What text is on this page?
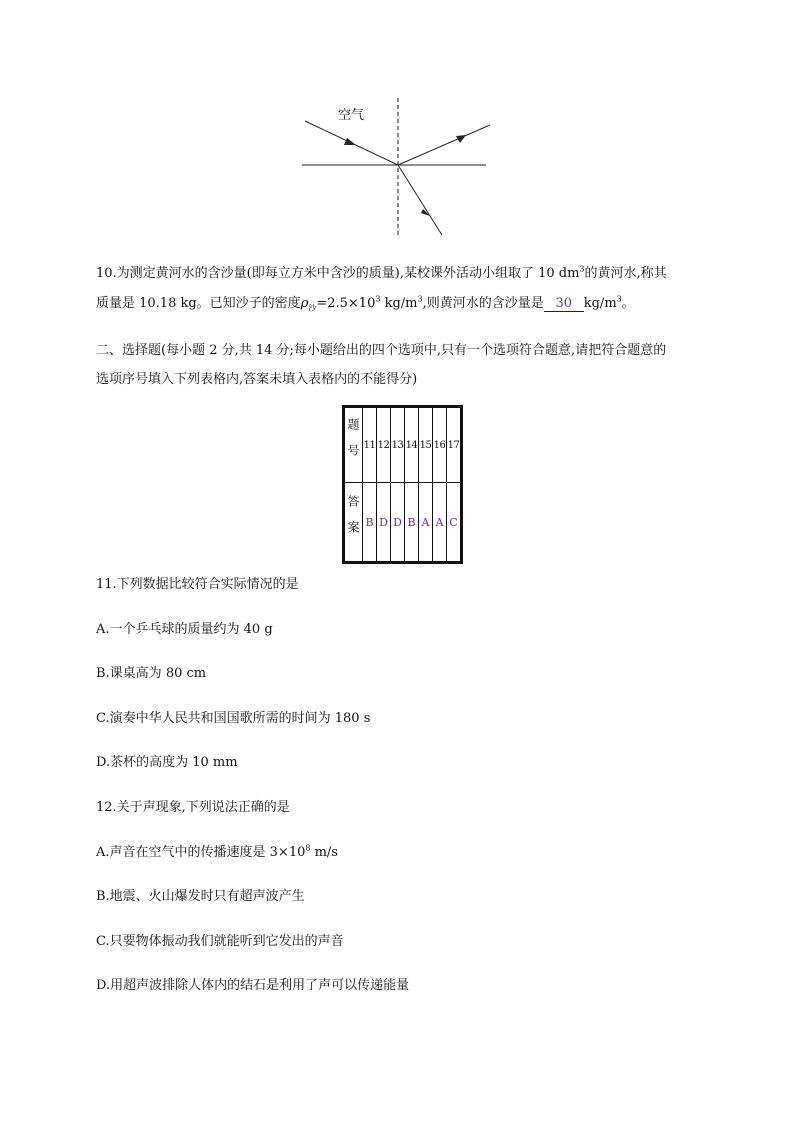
空气
10.为测定黄河水的含沙量(即每立方米中含沙的质量),某校课外活动小组取了 10 $dm^3$的黄河水,称其
质量是 10.18 kg。已知沙子的密度$\rho_沙=2.5\times 10^3$ $kg/m^3$,则黄河水的含沙量是 30 $kg/m^3$。
二、选择题(每小题 2 分,共 14 分;每小题给出的四个选项中,只有一个选项符合题意,请把符合题意的
选项序号填入下列表格内,答案未填入表格内的不能得分)
题号	11	12	13	14	15	16	17
答案	B	D	D	B	A	A	C
11.下列数据比较符合实际情况的是
A.一个乒乓球的质量约为 40 g
B.课桌高为 80 cm
C.演奏中华人民共和国国歌所需的时间为 180 s
D.茶杯的高度为 10 mm
12.关于声现象,下列说法正确的是
A.声音在空气中的传播速度是 $3\times 10^8$ m/s
B.地震、火山爆发时只有超声波产生
C.只要物体振动我们就能听到它发出的声音
D.用超声波排除人体内的结石是利用了声可以传递能量
